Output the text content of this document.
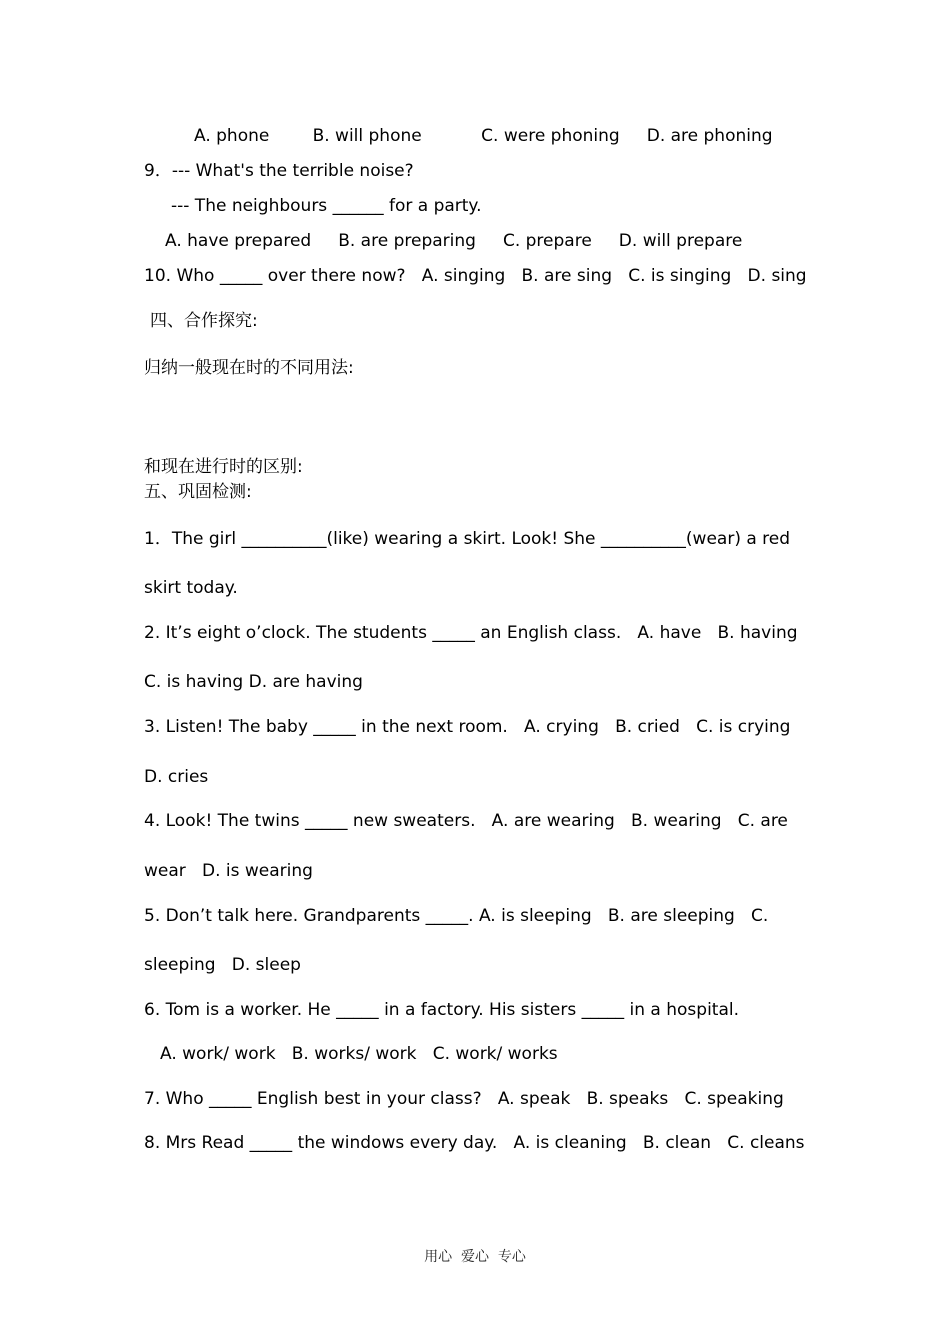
A. phone        B. will phone           C. were phoning     D. are phoning
9．--- What's the terrible noise?
--- The neighbours ______ for a party.
A. have prepared     B. are preparing     C. prepare     D. will prepare
10. Who _____ over there now?   A. singing   B. are sing   C. is singing   D. sing
四、合作探究:
归纳一般现在时的不同用法:
和现在进行时的区别:
五、巩固检测:
1．The girl __________(like) wearing a skirt. Look! She __________(wear) a red
skirt today.
2. It’s eight o’clock. The students _____ an English class.   A. have   B. having
C. is having D. are having
3. Listen! The baby _____ in the next room.   A. crying   B. cried   C. is crying
D. cries
4. Look! The twins _____ new sweaters.   A. are wearing   B. wearing   C. are
wear   D. is wearing
5. Don’t talk here. Grandparents _____. A. is sleeping   B. are sleeping   C.
sleeping   D. sleep
6. Tom is a worker. He _____ in a factory. His sisters _____ in a hospital.
A. work/ work   B. works/ work   C. work/ works
7. Who _____ English best in your class?   A. speak   B. speaks   C. speaking
8. Mrs Read _____ the windows every day.   A. is cleaning   B. clean   C. cleans
用心  爱心  专心
